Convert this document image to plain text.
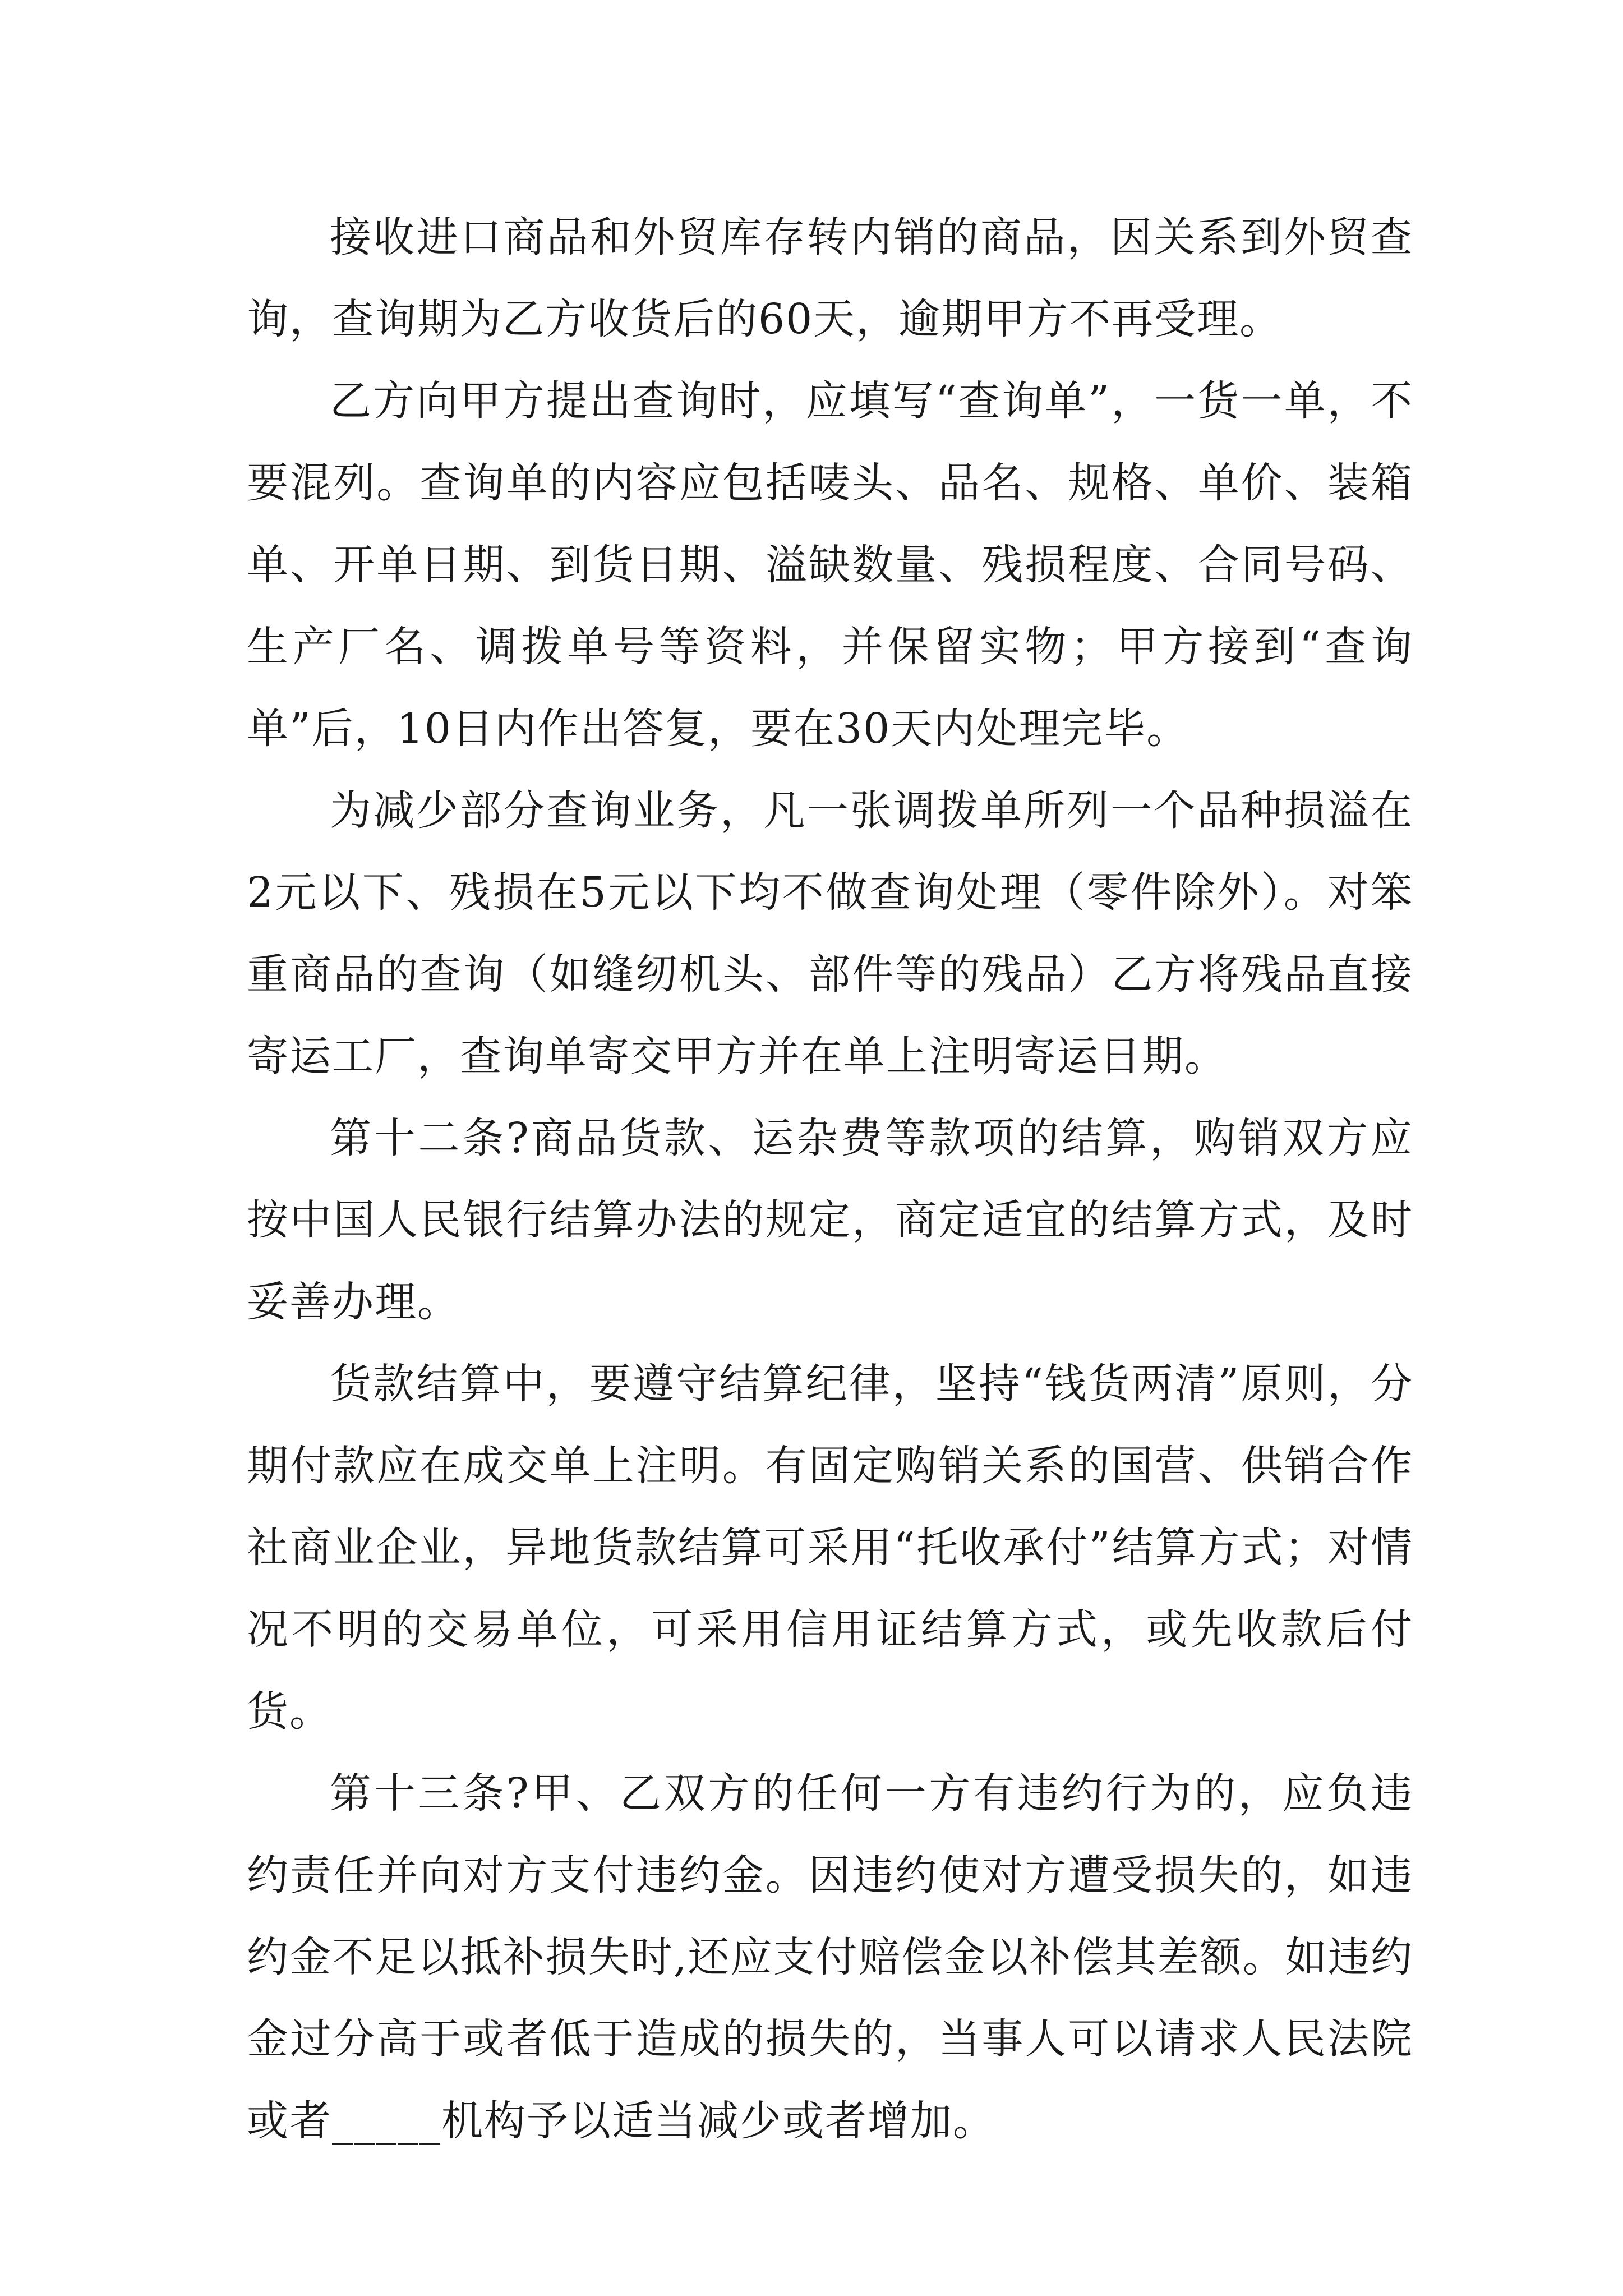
接收进口商品和外贸库存转内销的商品，因关系到外贸查询，查询期为乙方收货后的60天，逾期甲方不再受理。

乙方向甲方提出查询时，应填写“查询单”，一货一单，不要混列。查询单的内容应包括唛头、品名、规格、单价、装箱单、开单日期、到货日期、溢缺数量、残损程度、合同号码、生产厂名、调拨单号等资料，并保留实物；甲方接到“查询单”后，10日内作出答复，要在30天内处理完毕。

为减少部分查询业务，凡一张调拨单所列一个品种损溢在2元以下、残损在5元以下均不做查询处理（零件除外）。对笨重商品的查询（如缝纫机头、部件等的残品）乙方将残品直接寄运工厂，查询单寄交甲方并在单上注明寄运日期。

第十二条?商品货款、运杂费等款项的结算，购销双方应按中国人民银行结算办法的规定，商定适宜的结算方式，及时妥善办理。

货款结算中，要遵守结算纪律，坚持“钱货两清”原则，分期付款应在成交单上注明。有固定购销关系的国营、供销合作社商业企业，异地货款结算可采用“托收承付”结算方式；对情况不明的交易单位，可采用信用证结算方式，或先收款后付货。

第十三条?甲、乙双方的任何一方有违约行为的，应负违约责任并向对方支付违约金。因违约使对方遭受损失的，如违约金不足以抵补损失时,还应支付赔偿金以补偿其差额。如违约金过分高于或者低于造成的损失的，当事人可以请求人民法院或者_____机构予以适当减少或者增加。
